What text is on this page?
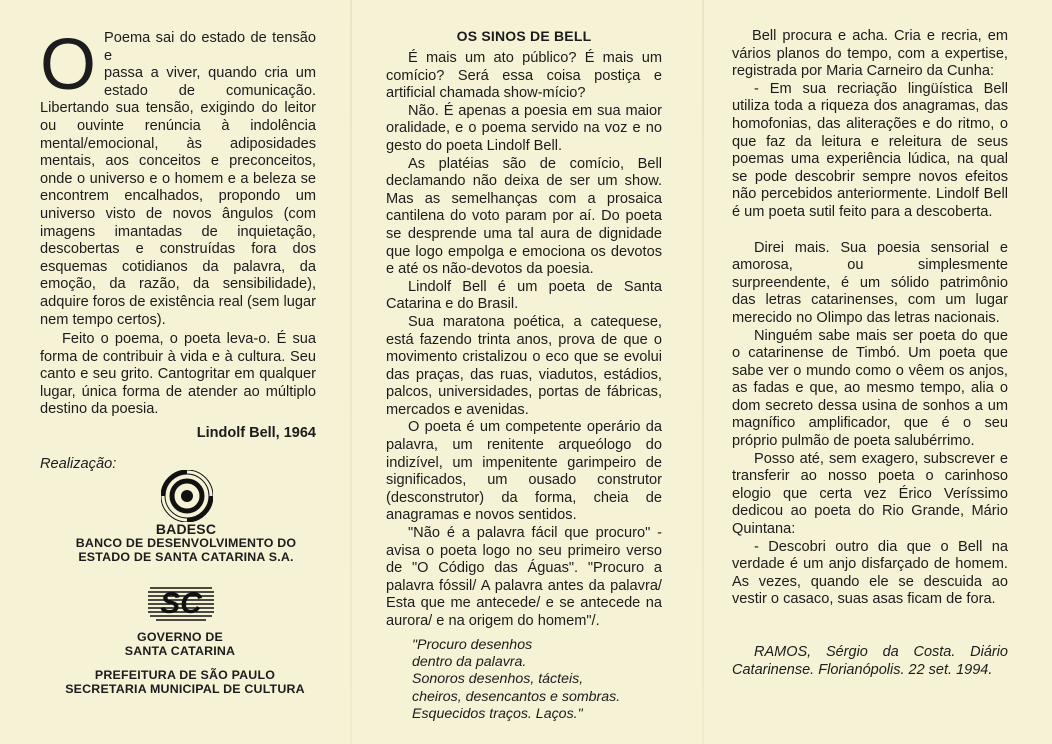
O Poema sai do estado de tensão e

passa a viver, quando cria um

estado de comunicação.

Libertando sua tensão, exigindo do leitor ou ouvinte renúncia à indolência mental/emocional, às adiposidades mentais, aos conceitos e preconceitos, onde o universo e o homem e a beleza se encontrem encalhados, propondo um universo visto de novos ângulos (com imagens imantadas de inquietação, descobertas e construídas fora dos esquemas cotidianos da palavra, da emoção, da razão, da sensibilidade), adquire foros de existência real (sem lugar nem tempo certos).

Feito o poema, o poeta leva-o. É sua forma de contribuir à vida e à cultura. Seu canto e seu grito. Cantogritar em qualquer lugar, única forma de atender ao múltiplo destino da poesia.

Lindolf Bell, 1964

Realização:
BADESC
BANCO DE DESENVOLVIMENTO DO
ESTADO DE SANTA CATARINA S.A.
SC
GOVERNO DE
SANTA CATARINA
PREFEITURA DE SÃO PAULO
SECRETARIA MUNICIPAL DE CULTURA
OS SINOS DE BELL

É mais um ato público? É mais um comício? Será essa coisa postiça e artificial chamada show-mício?

Não. É apenas a poesia em sua maior oralidade, e o poema servido na voz e no gesto do poeta Lindolf Bell.

As platéias são de comício, Bell declamando não deixa de ser um show. Mas as semelhanças com a prosaica cantilena do voto param por aí. Do poeta se desprende uma tal aura de dignidade que logo empolga e emociona os devotos e até os não-devotos da poesia.

Lindolf Bell é um poeta de Santa Catarina e do Brasil.

Sua maratona poética, a catequese, está fazendo trinta anos, prova de que o movimento cristalizou o eco que se evolui das praças, das ruas, viadutos, estádios, palcos, universidades, portas de fábricas, mercados e avenidas.

O poeta é um competente operário da palavra, um renitente arqueólogo do indizível, um impenitente garimpeiro de significados, um ousado construtor (desconstrutor) da forma, cheia de anagramas e novos sentidos.

"Não é a palavra fácil que procuro" - avisa o poeta logo no seu primeiro verso de "O Código das Águas". "Procuro a palavra fóssil/ A palavra antes da palavra/ Esta que me antecede/ e se antecede na aurora/ e na origem do homem"/.

"Procuro desenhos
dentro da palavra.
Sonoros desenhos, tácteis,
cheiros, desencantos e sombras.
Esquecidos traços. Laços."

Bell procura e acha. Cria e recria, em vários planos do tempo, com a expertise, registrada por Maria Carneiro da Cunha:

- Em sua recriação lingüística Bell utiliza toda a riqueza dos anagramas, das homofonias, das aliterações e do ritmo, o que faz da leitura e releitura de seus poemas uma experiência lúdica, na qual se pode descobrir sempre novos efeitos não percebidos anteriormente. Lindolf Bell é um poeta sutil feito para a descoberta.

Direi mais. Sua poesia sensorial e amorosa, ou simplesmente surpreendente, é um sólido patrimônio das letras catarinenses, com um lugar merecido no Olimpo das letras nacionais.

Ninguém sabe mais ser poeta do que o catarinense de Timbó. Um poeta que sabe ver o mundo como o vêem os anjos, as fadas e que, ao mesmo tempo, alia o dom secreto dessa usina de sonhos a um magnífico amplificador, que é o seu próprio pulmão de poeta salubérrimo.

Posso até, sem exagero, subscrever e transferir ao nosso poeta o carinhoso elogio que certa vez Érico Veríssimo dedicou ao poeta do Rio Grande, Mário Quintana:

- Descobri outro dia que o Bell na verdade é um anjo disfarçado de homem. As vezes, quando ele se descuida ao vestir o casaco, suas asas ficam de fora.

RAMOS, Sérgio da Costa. Diário Catarinense. Florianópolis. 22 set. 1994.
